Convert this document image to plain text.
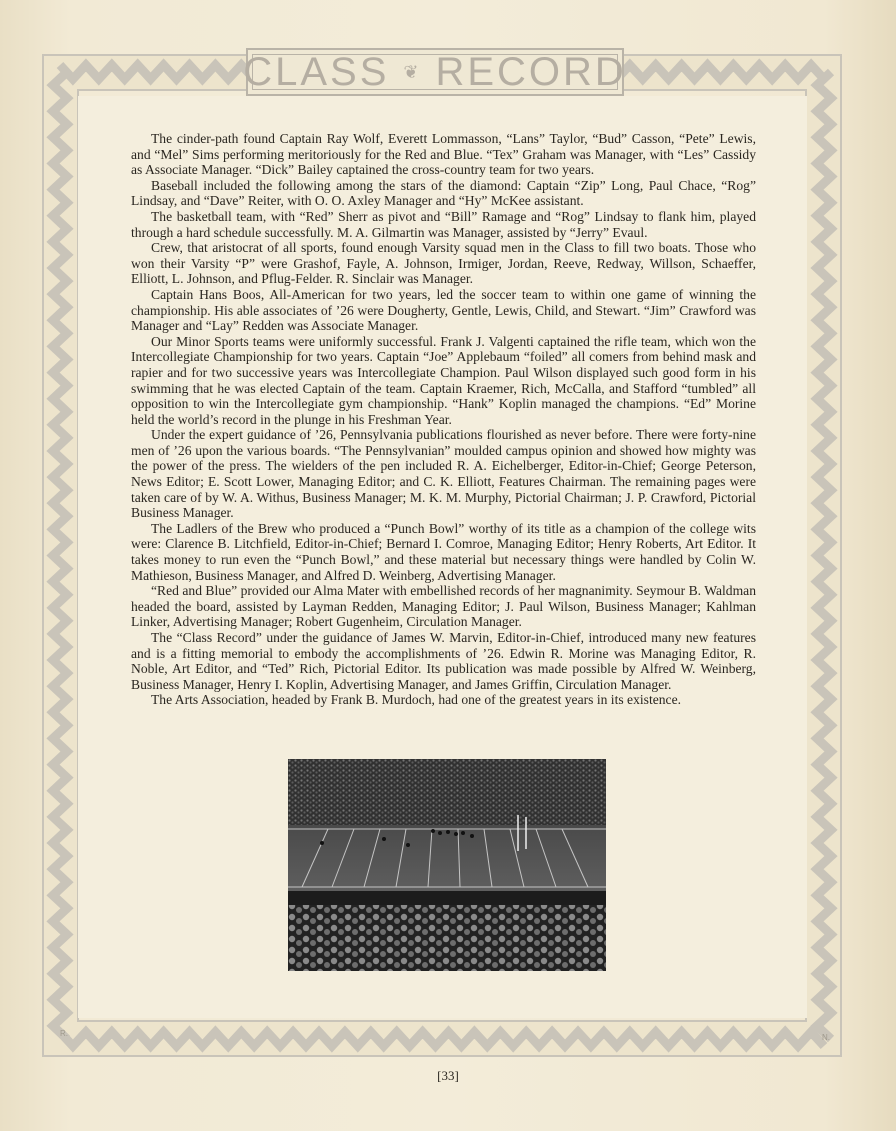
CLASS ❦ RECORD

The cinder-path found Captain Ray Wolf, Everett Lommasson, “Lans” Taylor, “Bud” Casson, “Pete” Lewis, and “Mel” Sims performing meritoriously for the Red and Blue. “Tex” Graham was Manager, with “Les” Cassidy as Associate Manager. “Dick” Bailey captained the cross-country team for two years.

Baseball included the following among the stars of the diamond: Captain “Zip” Long, Paul Chace, “Rog” Lindsay, and “Dave” Reiter, with O. O. Axley Manager and “Hy” McKee assistant.

The basketball team, with “Red” Sherr as pivot and “Bill” Ramage and “Rog” Lindsay to flank him, played through a hard schedule successfully. M. A. Gilmartin was Manager, assisted by “Jerry” Evaul.

Crew, that aristocrat of all sports, found enough Varsity squad men in the Class to fill two boats. Those who won their Varsity “P” were Grashof, Fayle, A. Johnson, Irmiger, Jordan, Reeve, Redway, Willson, Schaeffer, Elliott, L. Johnson, and Pflug-Felder. R. Sinclair was Manager.

Captain Hans Boos, All-American for two years, led the soccer team to within one game of winning the championship. His able associates of ’26 were Dougherty, Gentle, Lewis, Child, and Stewart. “Jim” Crawford was Manager and “Lay” Redden was Associate Manager.

Our Minor Sports teams were uniformly successful. Frank J. Valgenti captained the rifle team, which won the Intercollegiate Championship for two years. Captain “Joe” Applebaum “foiled” all comers from behind mask and rapier and for two successive years was Intercollegiate Champion. Paul Wilson displayed such good form in his swimming that he was elected Captain of the team. Captain Kraemer, Rich, McCalla, and Stafford “tumbled” all opposition to win the Intercollegiate gym championship. “Hank” Koplin managed the champions. “Ed” Morine held the world’s record in the plunge in his Freshman Year.

Under the expert guidance of ’26, Pennsylvania publications flourished as never before. There were forty-nine men of ’26 upon the various boards. “The Pennsylvanian” moulded campus opinion and showed how mighty was the power of the press. The wielders of the pen included R. A. Eichelberger, Editor-in-Chief; George Peterson, News Editor; E. Scott Lower, Managing Editor; and C. K. Elliott, Features Chairman. The remaining pages were taken care of by W. A. Withus, Business Manager; M. K. M. Murphy, Pictorial Chairman; J. P. Crawford, Pictorial Business Manager.

The Ladlers of the Brew who produced a “Punch Bowl” worthy of its title as a champion of the college wits were: Clarence B. Litchfield, Editor-in-Chief; Bernard I. Comroe, Managing Editor; Henry Roberts, Art Editor. It takes money to run even the “Punch Bowl,” and these material but necessary things were handled by Colin W. Mathieson, Business Manager, and Alfred D. Weinberg, Advertising Manager.

“Red and Blue” provided our Alma Mater with embellished records of her magnanimity. Seymour B. Waldman headed the board, assisted by Layman Redden, Managing Editor; J. Paul Wilson, Business Manager; Kahlman Linker, Advertising Manager; Robert Gugenheim, Circulation Manager.

The “Class Record” under the guidance of James W. Marvin, Editor-in-Chief, introduced many new features and is a fitting memorial to embody the accomplishments of ’26. Edwin R. Morine was Managing Editor, R. Noble, Art Editor, and “Ted” Rich, Pictorial Editor. Its publication was made possible by Alfred W. Weinberg, Business Manager, Henry I. Koplin, Advertising Manager, and James Griffin, Circulation Manager.

The Arts Association, headed by Frank B. Murdoch, had one of the greatest years in its existence.

R.	N.
[33]
